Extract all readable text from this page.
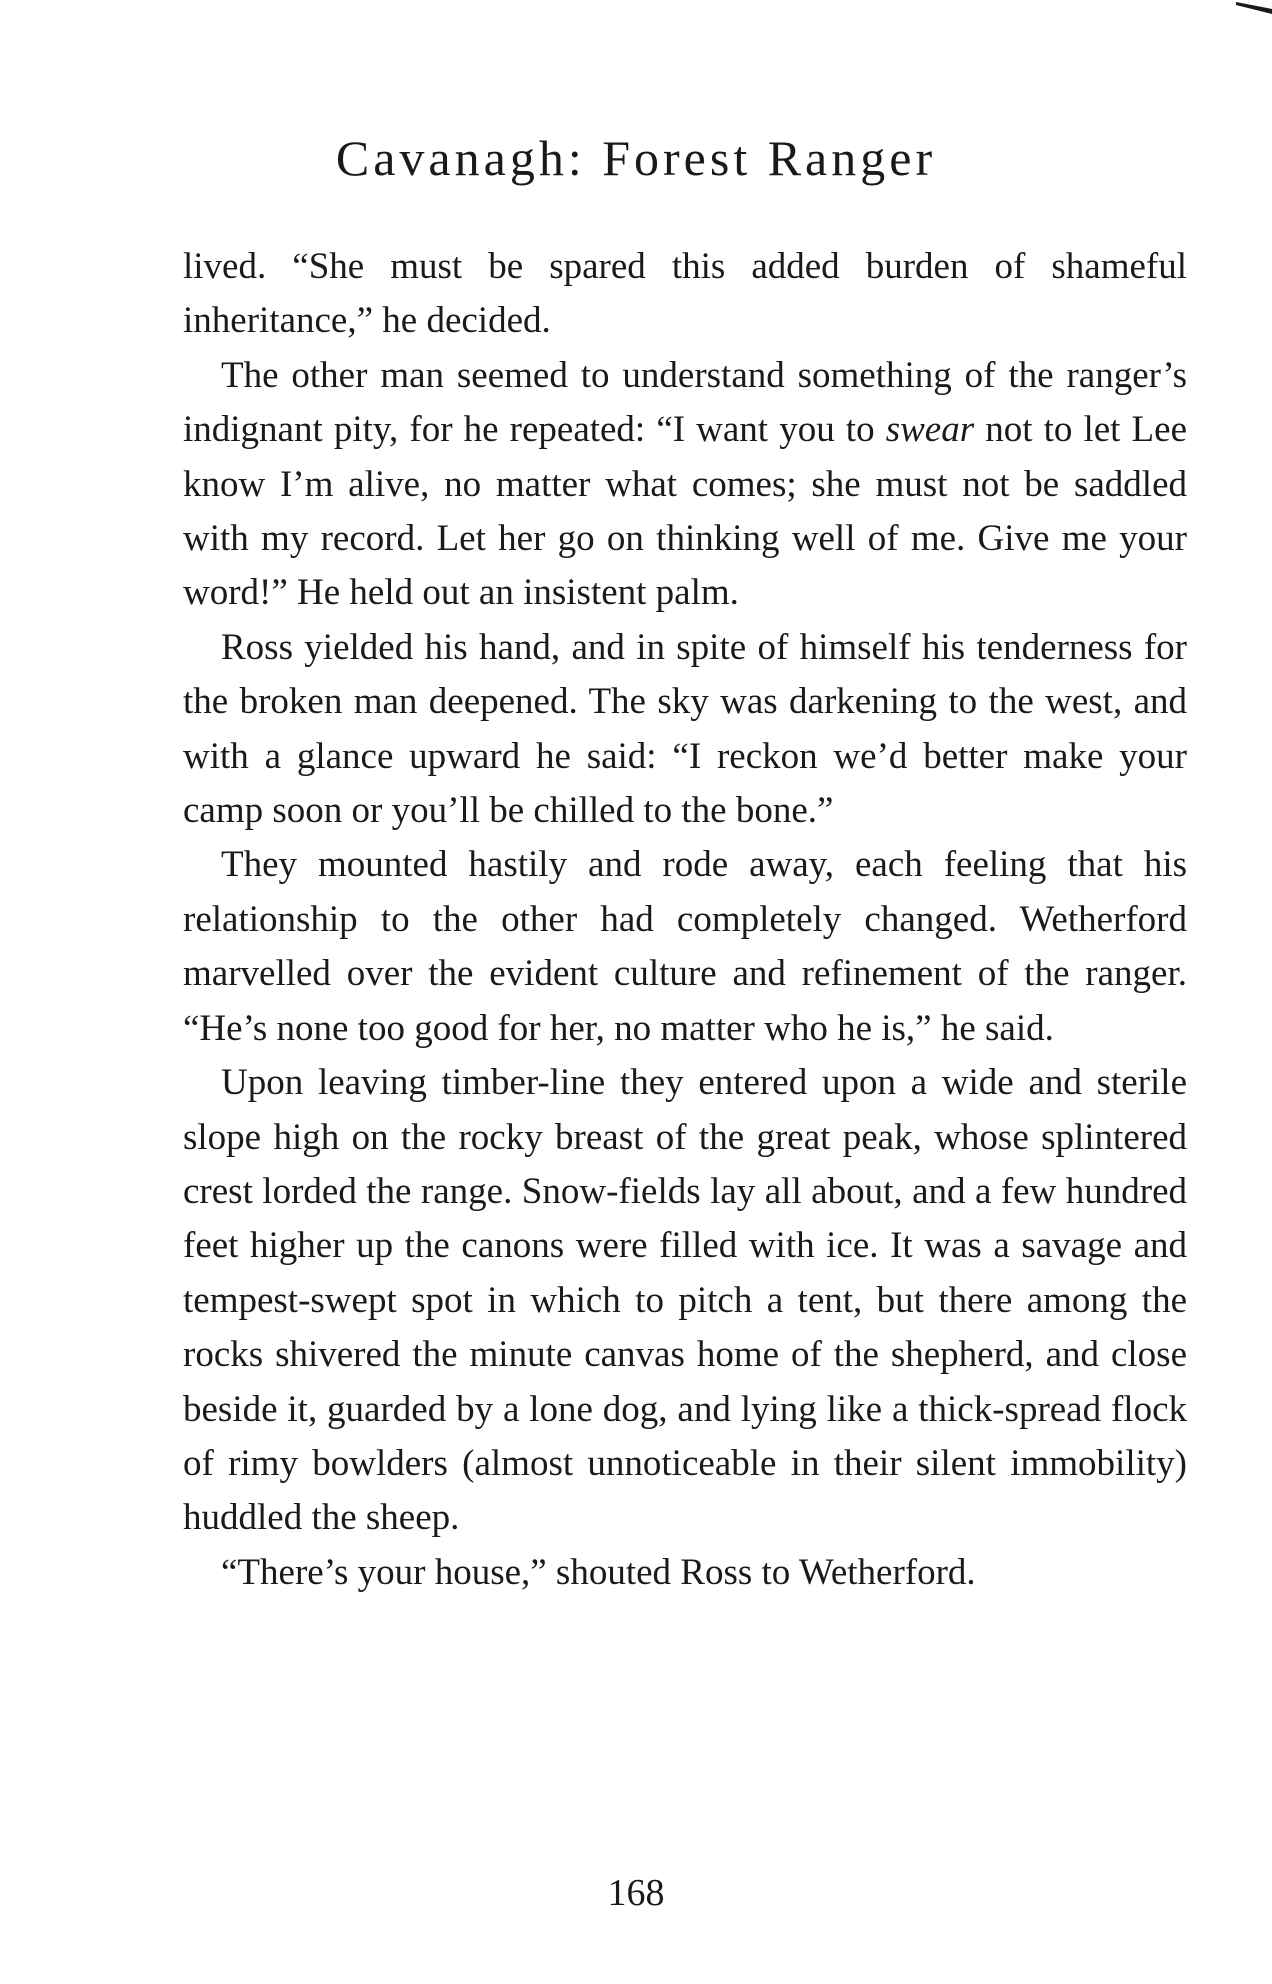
Cavanagh: Forest Ranger

lived. “She must be spared this added burden of shameful inheritance,” he decided.

The other man seemed to understand something of the ranger’s indignant pity, for he repeated: “I want you to swear not to let Lee know I’m alive, no matter what comes; she must not be saddled with my record. Let her go on thinking well of me. Give me your word!” He held out an insistent palm.

Ross yielded his hand, and in spite of himself his tenderness for the broken man deepened. The sky was darkening to the west, and with a glance upward he said: “I reckon we’d better make your camp soon or you’ll be chilled to the bone.”

They mounted hastily and rode away, each feeling that his relationship to the other had completely changed. Wetherford marvelled over the evident culture and refinement of the ranger. “He’s none too good for her, no matter who he is,” he said.

Upon leaving timber-line they entered upon a wide and sterile slope high on the rocky breast of the great peak, whose splintered crest lorded the range. Snow-fields lay all about, and a few hundred feet higher up the canons were filled with ice. It was a savage and tempest-swept spot in which to pitch a tent, but there among the rocks shivered the minute canvas home of the shepherd, and close beside it, guarded by a lone dog, and lying like a thick-spread flock of rimy bowlders (almost unnoticeable in their silent immobility) huddled the sheep.

“There’s your house,” shouted Ross to Wetherford.

168
